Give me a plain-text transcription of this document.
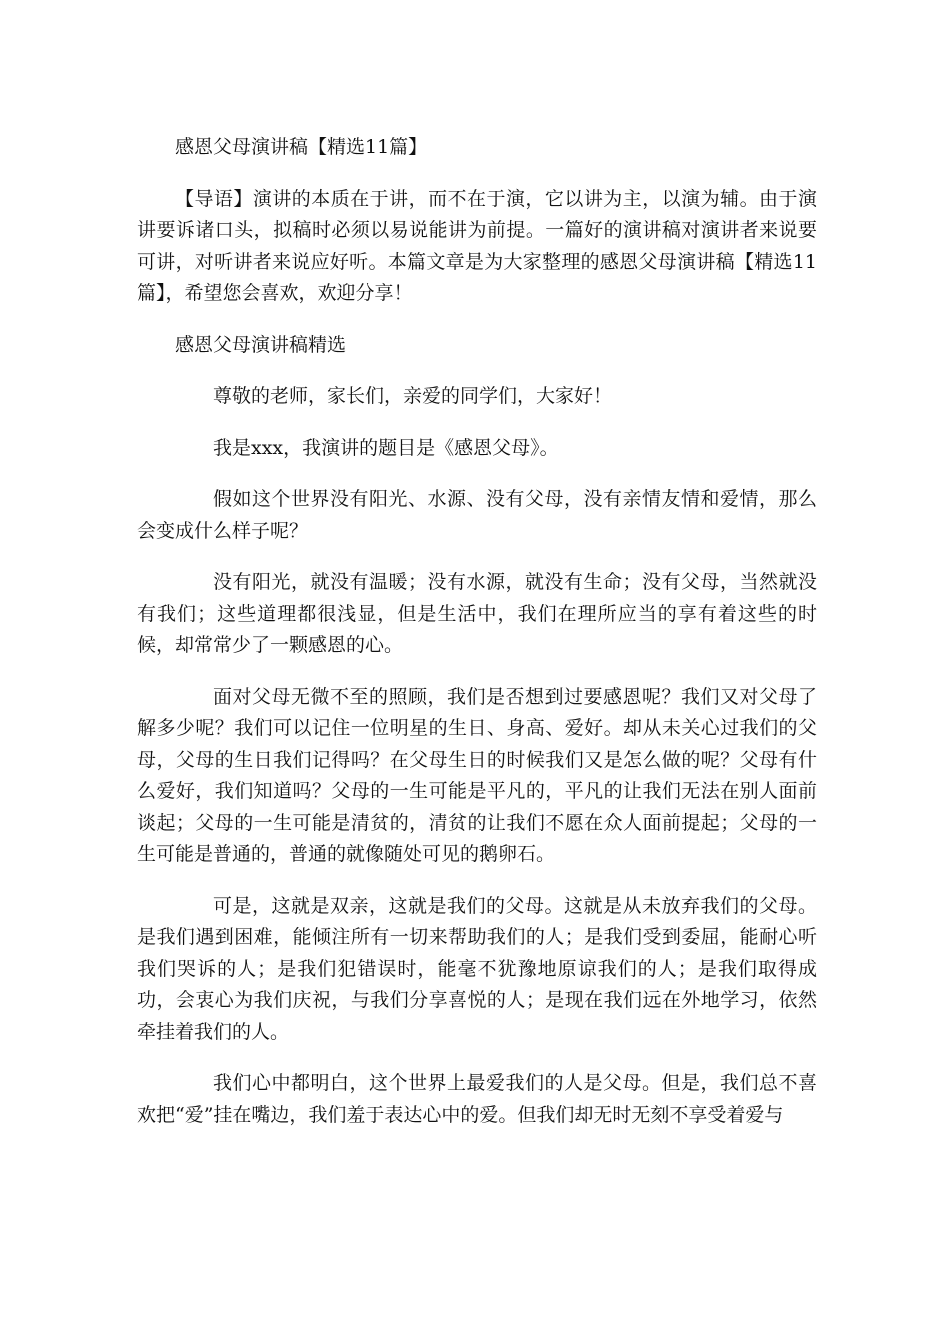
感恩父母演讲稿【精选11篇】

【导语】演讲的本质在于讲，而不在于演，它以讲为主，以演为辅。由于演讲要诉诸口头，拟稿时必须以易说能讲为前提。一篇好的演讲稿对演讲者来说要可讲，对听讲者来说应好听。本篇文章是为大家整理的感恩父母演讲稿【精选11篇】，希望您会喜欢，欢迎分享！

感恩父母演讲稿精选

尊敬的老师，家长们，亲爱的同学们，大家好！

我是xxx，我演讲的题目是《感恩父母》。

假如这个世界没有阳光、水源、没有父母，没有亲情友情和爱情，那么会变成什么样子呢？

没有阳光，就没有温暖；没有水源，就没有生命；没有父母，当然就没有我们；这些道理都很浅显，但是生活中，我们在理所应当的享有着这些的时候，却常常少了一颗感恩的心。

面对父母无微不至的照顾，我们是否想到过要感恩呢？我们又对父母了解多少呢？我们可以记住一位明星的生日、身高、爱好。却从未关心过我们的父母，父母的生日我们记得吗？在父母生日的时候我们又是怎么做的呢？父母有什么爱好，我们知道吗？父母的一生可能是平凡的，平凡的让我们无法在别人面前谈起；父母的一生可能是清贫的，清贫的让我们不愿在众人面前提起；父母的一生可能是普通的，普通的就像随处可见的鹅卵石。

可是，这就是双亲，这就是我们的父母。这就是从未放弃我们的父母。是我们遇到困难，能倾注所有一切来帮助我们的人；是我们受到委屈，能耐心听我们哭诉的人；是我们犯错误时，能毫不犹豫地原谅我们的人；是我们取得成功，会衷心为我们庆祝，与我们分享喜悦的人；是现在我们远在外地学习，依然牵挂着我们的人。

我们心中都明白，这个世界上最爱我们的人是父母。但是，我们总不喜欢把“爱”挂在嘴边，我们羞于表达心中的爱。但我们却无时无刻不享受着爱与
